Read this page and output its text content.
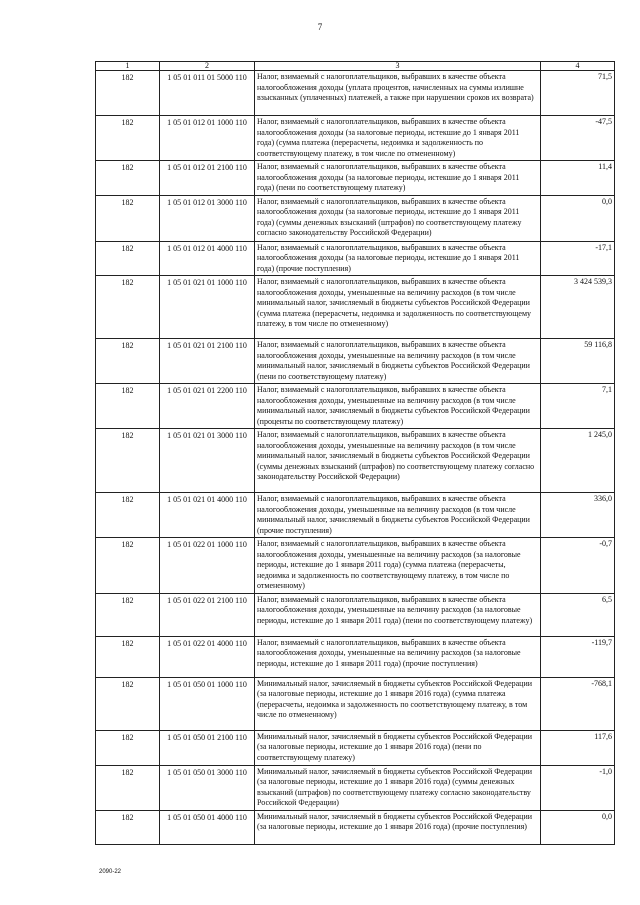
7
1	2	3	4
182	1 05 01 011 01 5000 110	Налог, взимаемый с налогоплательщиков, выбравших в качестве объекта налогообложения доходы (уплата процентов, начисленных на суммы излишне взысканных (уплаченных) платежей, а также при нарушении сроков их возврата)	71,5
182	1 05 01 012 01 1000 110	Налог, взимаемый с налогоплательщиков, выбравших в качестве объекта налогообложения доходы (за налоговые периоды, истекшие до 1 января 2011 года) (сумма платежа (перерасчеты, недоимка и задолженность по соответствующему платежу, в том числе по отмененному)	-47,5
182	1 05 01 012 01 2100 110	Налог, взимаемый с налогоплательщиков, выбравших в качестве объекта налогообложения доходы (за налоговые периоды, истекшие до 1 января 2011 года) (пени по соответствующему платежу)	11,4
182	1 05 01 012 01 3000 110	Налог, взимаемый с налогоплательщиков, выбравших в качестве объекта налогообложения доходы (за налоговые периоды, истекшие до 1 января 2011 года) (суммы денежных взысканий (штрафов) по соответствующему платежу согласно законодательству Российской Федерации)	0,0
182	1 05 01 012 01 4000 110	Налог, взимаемый с налогоплательщиков, выбравших в качестве объекта налогообложения доходы (за налоговые периоды, истекшие до 1 января 2011 года) (прочие поступления)	-17,1
182	1 05 01 021 01 1000 110	Налог, взимаемый с налогоплательщиков, выбравших в качестве объекта налогообложения доходы, уменьшенные на величину расходов (в том числе минимальный налог, зачисляемый в бюджеты субъектов Российской Федерации (сумма платежа (перерасчеты, недоимка и задолженность по соответствующему платежу, в том числе по отмененному)	3 424 539,3
182	1 05 01 021 01 2100 110	Налог, взимаемый с налогоплательщиков, выбравших в качестве объекта налогообложения доходы, уменьшенные на величину расходов (в том числе минимальный налог, зачисляемый в бюджеты субъектов Российской Федерации (пени по соответствующему платежу)	59 116,8
182	1 05 01 021 01 2200 110	Налог, взимаемый с налогоплательщиков, выбравших в качестве объекта налогообложения доходы, уменьшенные на величину расходов (в том числе минимальный налог, зачисляемый в бюджеты субъектов Российской Федерации (проценты по соответствующему платежу)	7,1
182	1 05 01 021 01 3000 110	Налог, взимаемый с налогоплательщиков, выбравших в качестве объекта налогообложения доходы, уменьшенные на величину расходов (в том числе минимальный налог, зачисляемый в бюджеты субъектов Российской Федерации (суммы денежных взысканий (штрафов) по соответствующему платежу согласно законодательству Российской Федерации)	1 245,0
182	1 05 01 021 01 4000 110	Налог, взимаемый с налогоплательщиков, выбравших в качестве объекта налогообложения доходы, уменьшенные на величину расходов (в том числе минимальный налог, зачисляемый в бюджеты субъектов Российской Федерации (прочие поступления)	336,0
182	1 05 01 022 01 1000 110	Налог, взимаемый с налогоплательщиков, выбравших в качестве объекта налогообложения доходы, уменьшенные на величину расходов (за налоговые периоды, истекшие до 1 января 2011 года) (сумма платежа (перерасчеты, недоимка и задолженность по соответствующему платежу, в том числе по отмененному)	-0,7
182	1 05 01 022 01 2100 110	Налог, взимаемый с налогоплательщиков, выбравших в качестве объекта налогообложения доходы, уменьшенные на величину расходов (за налоговые периоды, истекшие до 1 января 2011 года) (пени по соответствующему платежу)	6,5
182	1 05 01 022 01 4000 110	Налог, взимаемый с налогоплательщиков, выбравших в качестве объекта налогообложения доходы, уменьшенные на величину расходов (за налоговые периоды, истекшие до 1 января 2011 года) (прочие поступления)	-119,7
182	1 05 01 050 01 1000 110	Минимальный налог, зачисляемый в бюджеты субъектов Российской Федерации (за налоговые периоды, истекшие до 1 января 2016 года) (сумма платежа (перерасчеты, недоимка и задолженность по соответствующему платежу, в том числе по отмененному)	-768,1
182	1 05 01 050 01 2100 110	Минимальный налог, зачисляемый в бюджеты субъектов Российской Федерации (за налоговые периоды, истекшие до 1 января 2016 года) (пени по соответствующему платежу)	117,6
182	1 05 01 050 01 3000 110	Минимальный налог, зачисляемый в бюджеты субъектов Российской Федерации (за налоговые периоды, истекшие до 1 января 2016 года) (суммы денежных взысканий (штрафов) по соответствующему платежу согласно законодательству Российской Федерации)	-1,0
182	1 05 01 050 01 4000 110	Минимальный налог, зачисляемый в бюджеты субъектов Российской Федерации (за налоговые периоды, истекшие до 1 января 2016 года) (прочие поступления)	0,0
2090-22
